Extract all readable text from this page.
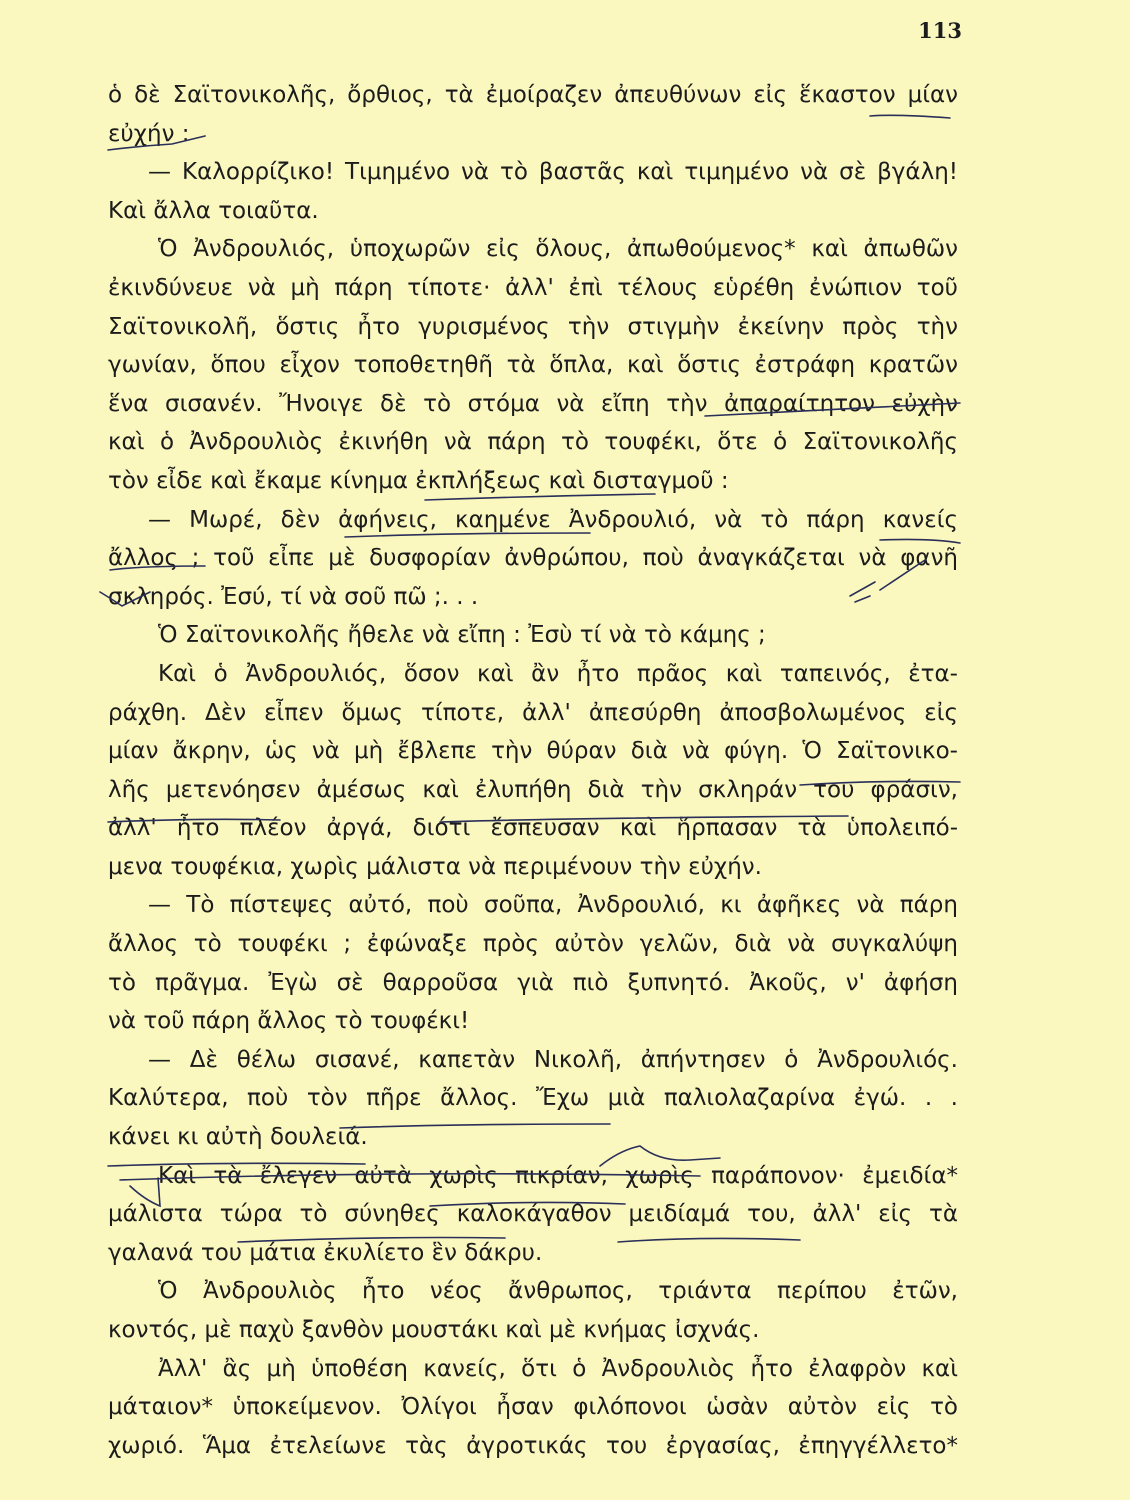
113
ὁ δὲ Σαϊτονικολῆς, ὄρθιος, τὰ ἐμοίραζεν ἀπευθύνων εἰς ἕκαστον μίαν
εὐχήν :
— Καλορρίζικο! Τιμημένο νὰ τὸ βαστᾶς καὶ τιμημένο νὰ σὲ βγάλη!
Καὶ ἄλλα τοιαῦτα.
Ὁ Ἀνδρουλιός, ὑποχωρῶν εἰς ὅλους, ἀπωθούμενος* καὶ ἀπωθῶν
ἐκινδύνευε νὰ μὴ πάρη τίποτε· ἀλλ' ἐπὶ τέλους εὑρέθη ἐνώπιον τοῦ
Σαϊτονικολῆ, ὅστις ἦτο γυρισμένος τὴν στιγμὴν ἐκείνην πρὸς τὴν
γωνίαν, ὅπου εἶχον τοποθετηθῆ τὰ ὅπλα, καὶ ὅστις ἐστράφη κρατῶν
ἕνα σισανέν. Ἤνοιγε δὲ τὸ στόμα νὰ εἴπη τὴν ἀπαραίτητον εὐχὴν
καὶ ὁ Ἀνδρουλιὸς ἐκινήθη νὰ πάρη τὸ τουφέκι, ὅτε ὁ Σαϊτονικολῆς
τὸν εἶδε καὶ ἔκαμε κίνημα ἐκπλήξεως καὶ δισταγμοῦ :
— Μωρέ, δὲν ἀφήνεις, καημένε Ἀνδρουλιό, νὰ τὸ πάρη κανείς
ἄλλος ; τοῦ εἶπε μὲ δυσφορίαν ἀνθρώπου, ποὺ ἀναγκάζεται νὰ φανῆ
σκληρός. Ἐσύ, τί νὰ σοῦ πῶ ;. . .
Ὁ Σαϊτονικολῆς ἤθελε νὰ εἴπη : Ἐσὺ τί νὰ τὸ κάμης ;
Καὶ ὁ Ἀνδρουλιός, ὅσον καὶ ἂν ἦτο πρᾶος καὶ ταπεινός, ἐτα-
ράχθη. Δὲν εἶπεν ὅμως τίποτε, ἀλλ' ἀπεσύρθη ἀποσβολωμένος εἰς
μίαν ἄκρην, ὡς νὰ μὴ ἔβλεπε τὴν θύραν διὰ νὰ φύγη. Ὁ Σαϊτονικο-
λῆς μετενόησεν ἀμέσως καὶ ἐλυπήθη διὰ τὴν σκληράν του φράσιν,
ἀλλ' ἦτο πλέον ἀργά, διότι ἔσπευσαν καὶ ἥρπασαν τὰ ὑπολειπό-
μενα τουφέκια, χωρὶς μάλιστα νὰ περιμένουν τὴν εὐχήν.
— Τὸ πίστεψες αὐτό, ποὺ σοῦπα, Ἀνδρουλιό, κι ἀφῆκες νὰ πάρη
ἄλλος τὸ τουφέκι ; ἐφώναξε πρὸς αὐτὸν γελῶν, διὰ νὰ συγκαλύψη
τὸ πρᾶγμα. Ἐγὼ σὲ θαρροῦσα γιὰ πιὸ ξυπνητό. Ἀκοῦς, ν' ἀφήση
νὰ τοῦ πάρη ἄλλος τὸ τουφέκι!
— Δὲ θέλω σισανέ, καπετὰν Νικολῆ, ἀπήντησεν ὁ Ἀνδρουλιός.
Καλύτερα, ποὺ τὸν πῆρε ἄλλος. Ἔχω μιὰ παλιολαζαρίνα ἐγώ. . .
κάνει κι αὐτὴ δουλειά.
Καὶ τὰ ἔλεγεν αὐτὰ χωρὶς πικρίαν, χωρὶς παράπονον· ἐμειδία*
μάλιστα τώρα τὸ σύνηθες καλοκάγαθον μειδίαμά του, ἀλλ' εἰς τὰ
γαλανά του μάτια ἐκυλίετο ἓν δάκρυ.
Ὁ Ἀνδρουλιὸς ἦτο νέος ἄνθρωπος, τριάντα περίπου ἐτῶν,
κοντός, μὲ παχὺ ξανθὸν μουστάκι καὶ μὲ κνήμας ἰσχνάς.
Ἀλλ' ἂς μὴ ὑποθέση κανείς, ὅτι ὁ Ἀνδρουλιὸς ἦτο ἐλαφρὸν καὶ
μάταιον* ὑποκείμενον. Ὀλίγοι ἦσαν φιλόπονοι ὡσὰν αὐτὸν εἰς τὸ
χωριό. Ἅμα ἐτελείωνε τὰς ἀγροτικάς του ἐργασίας, ἐπηγγέλλετο*
